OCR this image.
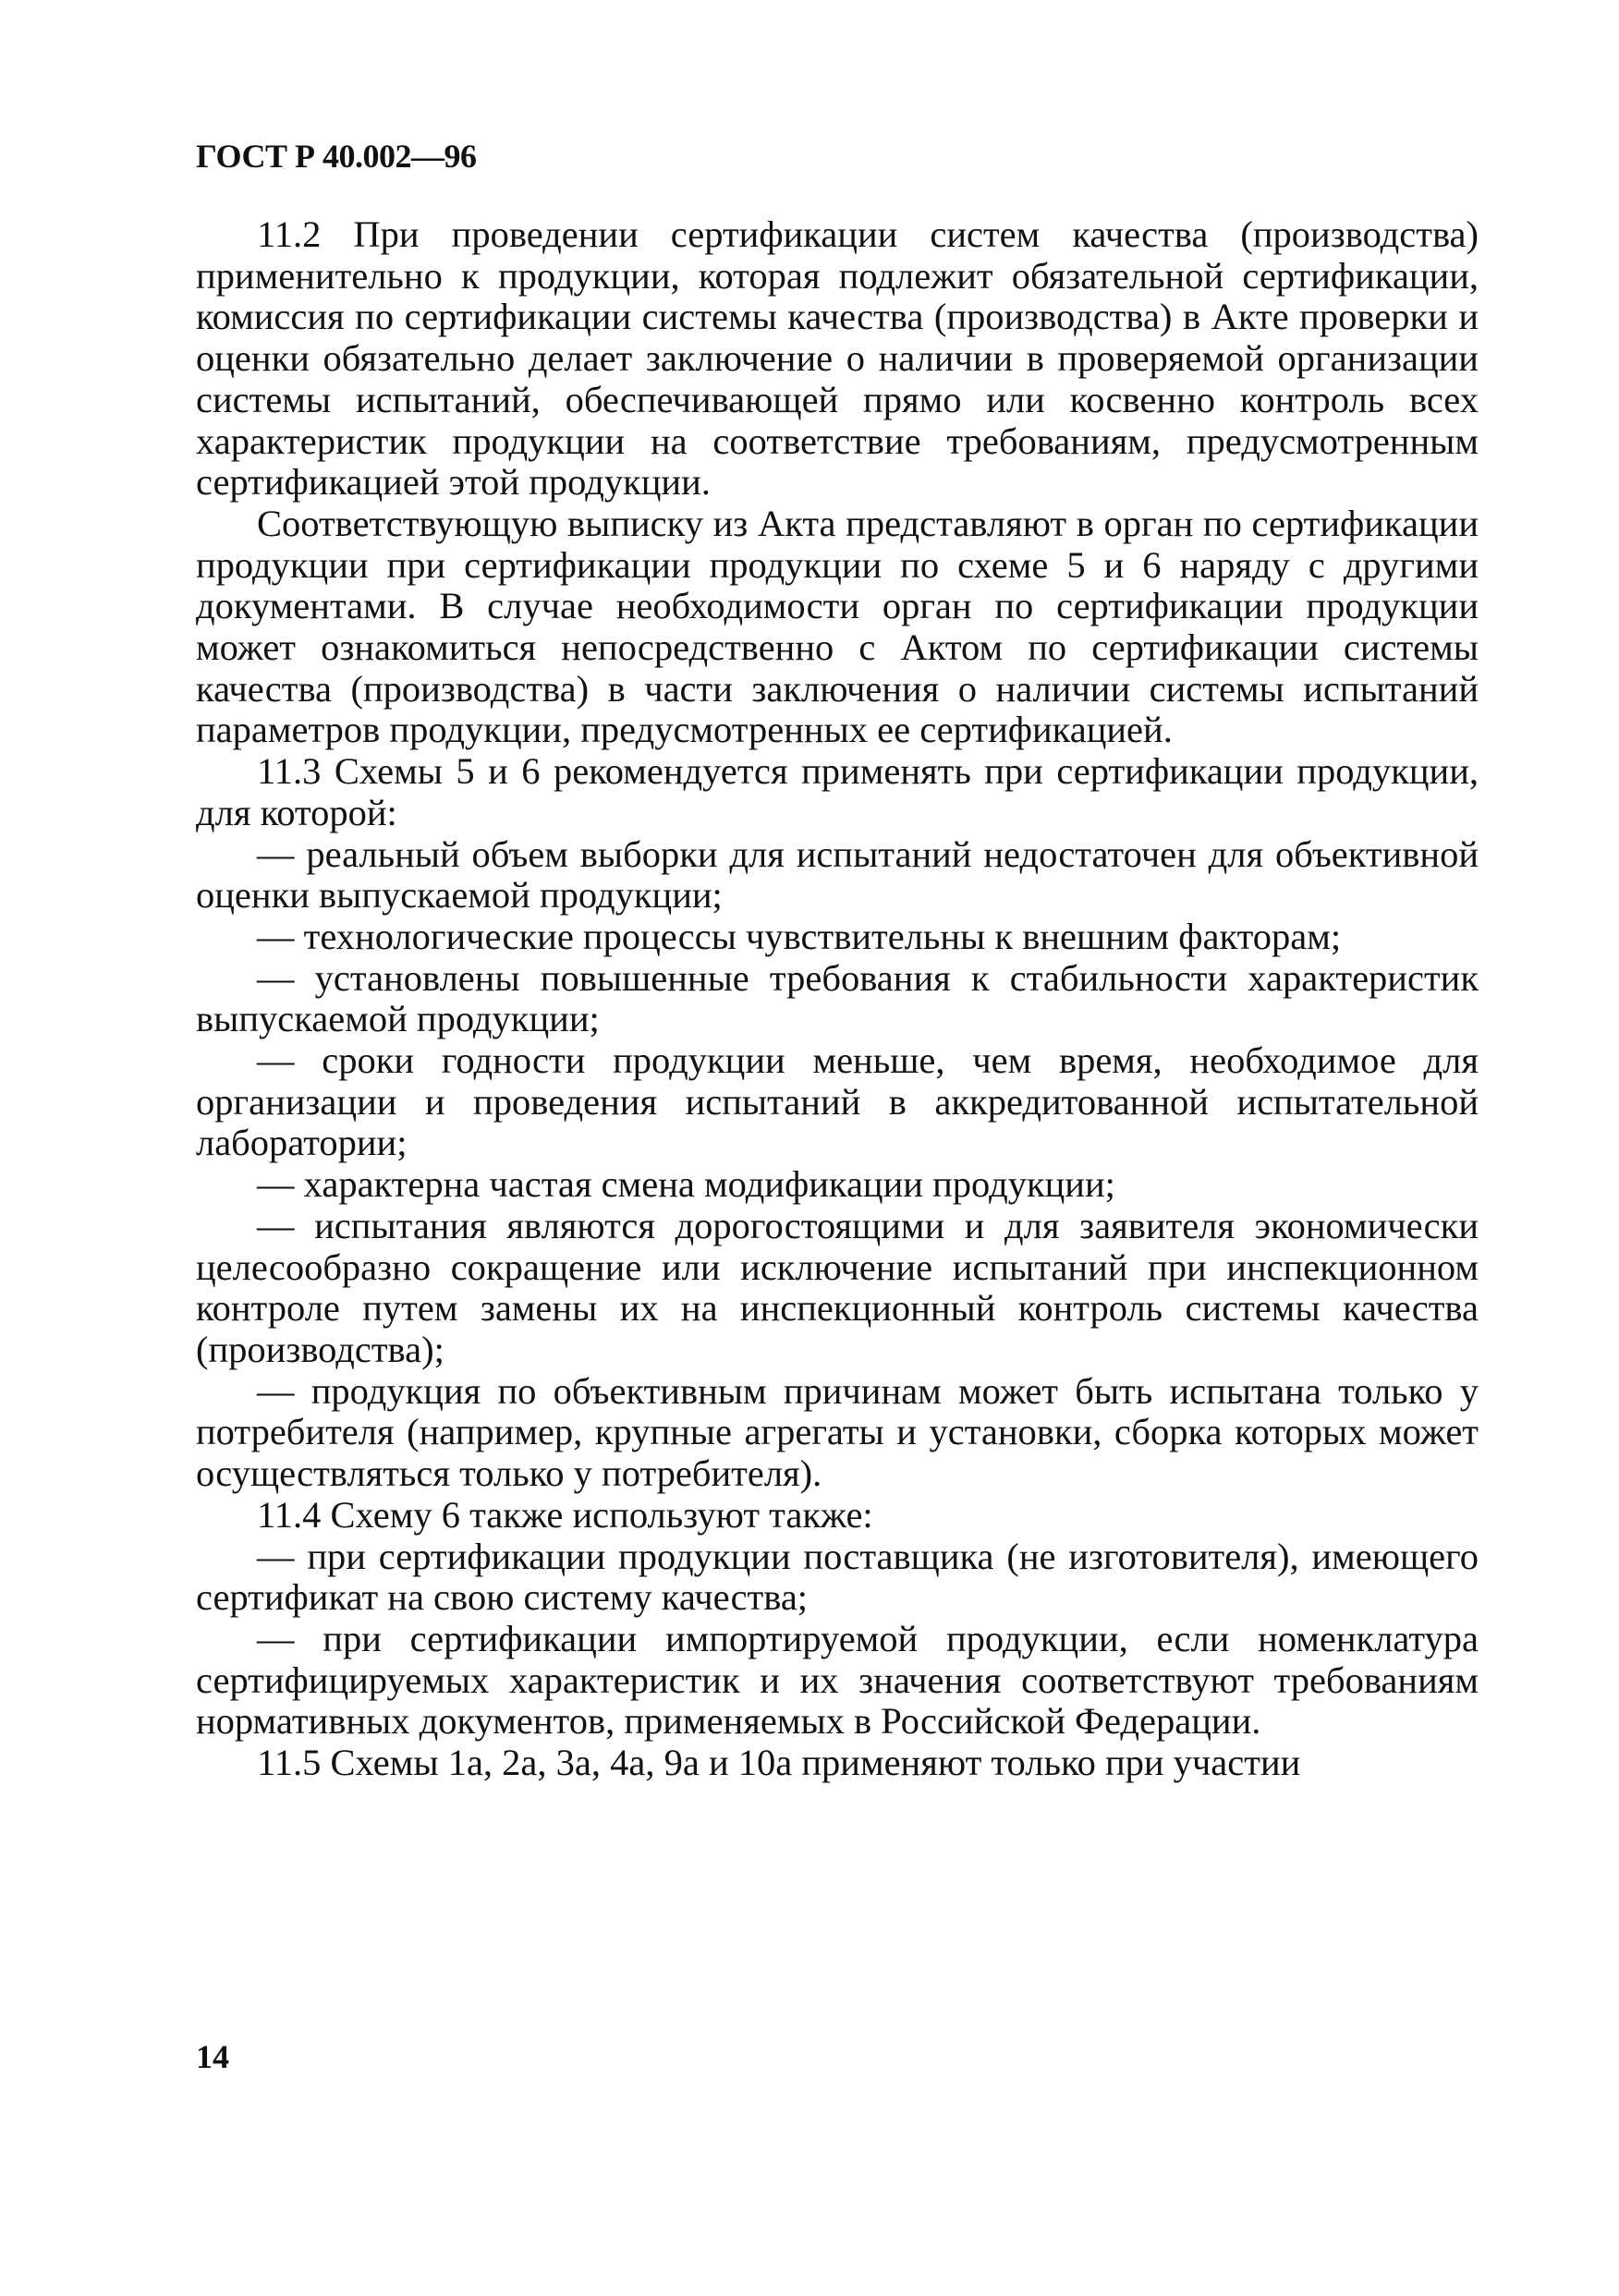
ГОСТ Р 40.002—96

11.2 При проведении сертификации систем качества (производства) применительно к продукции, которая подлежит обязательной сертификации, комиссия по сертификации системы качества (производства) в Акте проверки и оценки обязательно делает заключение о наличии в проверяемой организации системы испытаний, обеспечивающей прямо или косвенно контроль всех характеристик продукции на соответствие требованиям, предусмотренным сертификацией этой продукции.

Соответствующую выписку из Акта представляют в орган по сертификации продукции при сертификации продукции по схеме 5 и 6 наряду с другими документами. В случае необходимости орган по сертификации продукции может ознакомиться непосредственно с Актом по сертификации системы качества (производства) в части заключения о наличии системы испытаний параметров продукции, предусмотренных ее сертификацией.

11.3 Схемы 5 и 6 рекомендуется применять при сертификации продукции, для которой:

— реальный объем выборки для испытаний недостаточен для объективной оценки выпускаемой продукции;

— технологические процессы чувствительны к внешним факторам;

— установлены повышенные требования к стабильности характеристик выпускаемой продукции;

— сроки годности продукции меньше, чем время, необходимое для организации и проведения испытаний в аккредитованной испытательной лаборатории;

— характерна частая смена модификации продукции;

— испытания являются дорогостоящими и для заявителя экономически целесообразно сокращение или исключение испытаний при инспекционном контроле путем замены их на инспекционный контроль системы качества (производства);

— продукция по объективным причинам может быть испытана только у потребителя (например, крупные агрегаты и установки, сборка которых может осуществляться только у потребителя).

11.4 Схему 6 также используют также:

— при сертификации продукции поставщика (не изготовителя), имеющего сертификат на свою систему качества;

— при сертификации импортируемой продукции, если номенклатура сертифицируемых характеристик и их значения соответствуют требованиям нормативных документов, применяемых в Российской Федерации.

11.5 Схемы 1а, 2а, 3а, 4а, 9а и 10а применяют только при участии

14
